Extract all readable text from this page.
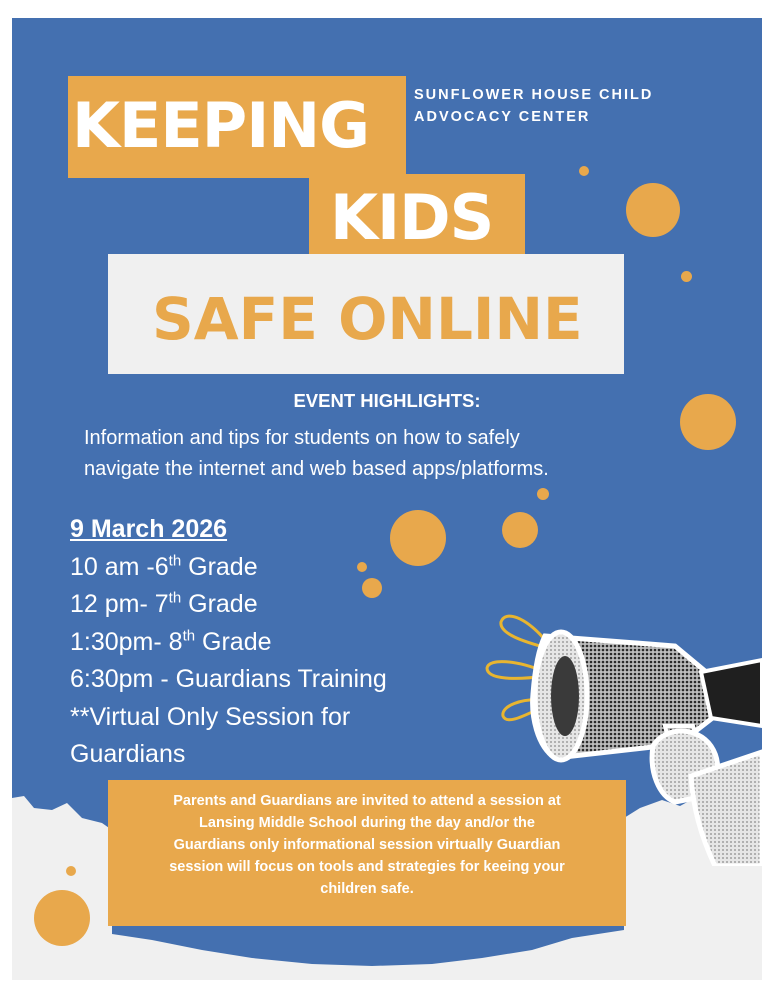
KEEPING
KIDS
SAFE ONLINE
SUNFLOWER HOUSE CHILD
ADVOCACY CENTER
EVENT HIGHLIGHTS:
Information and tips for students on how to safely
navigate the internet and web based apps/platforms.
9 March 2026
10 am -6th Grade
12 pm- 7th Grade
1:30pm- 8th Grade
6:30pm - Guardians Training
**Virtual Only Session for
Guardians
Parents and Guardians are invited to attend a session at
Lansing Middle School during the day and/or the
Guardians only informational session virtually Guardian
session will focus on tools and strategies for keeing your
children safe.
